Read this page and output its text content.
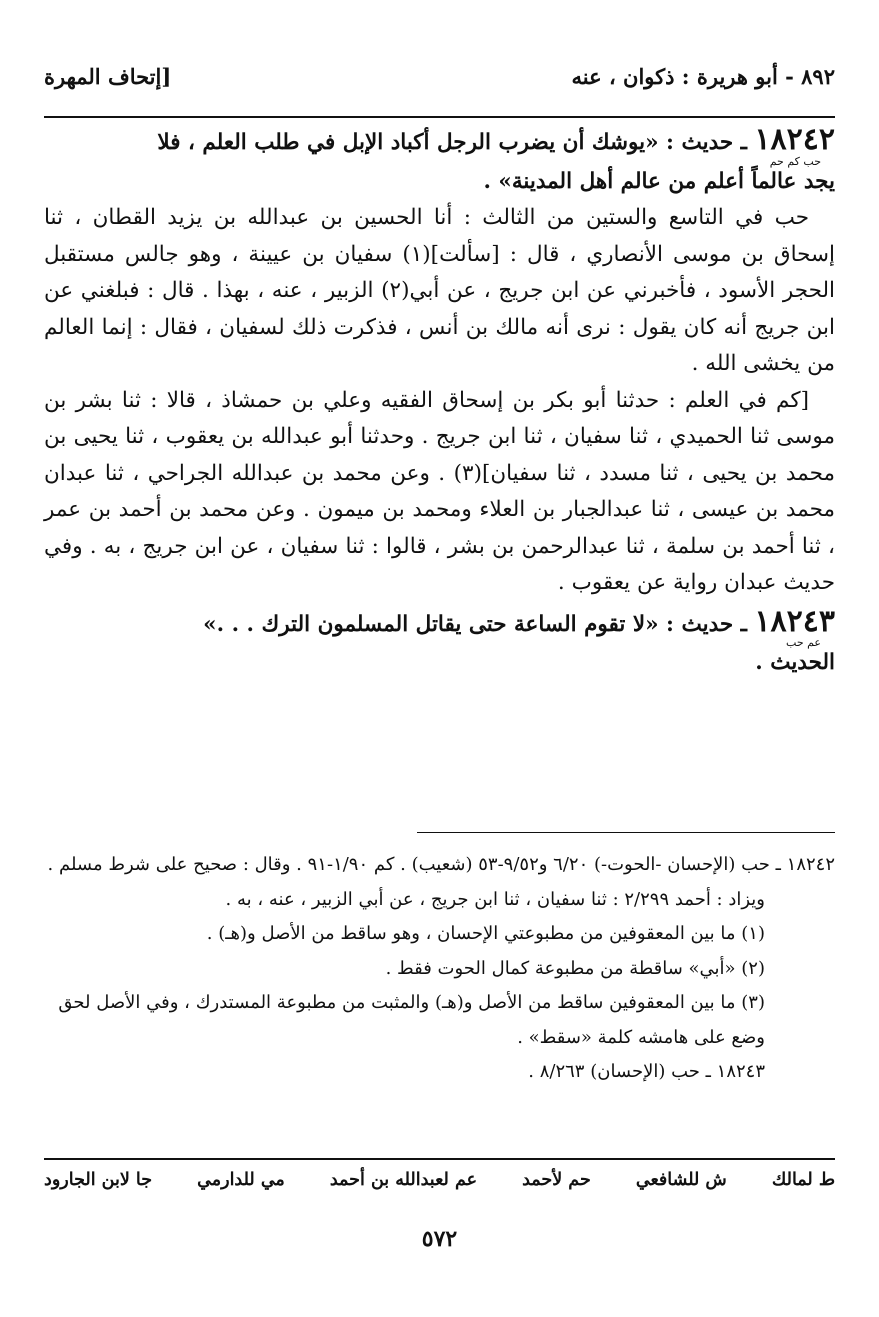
٨٩٢ - أبو هريرة : ذكوان ، عنه
[إتحاف المهرة

١٨٢٤٢ ـ حديث : «يوشك أن يضرب الرجل أكباد الإبل في طلب العلم ، فلا

حب كم حم

يجد عالماً أعلم من عالم أهل المدينة» .

حب في التاسع والستين من الثالث : أنا الحسين بن عبدالله بن يزيد القطان ، ثنا إسحاق بن موسى الأنصاري ، قال : [سألت](١) سفيان بن عيينة ، وهو جالس مستقبل الحجر الأسود ، فأخبرني عن ابن جريج ، عن أبي(٢) الزبير ، عنه ، بهذا . قال : فبلغني عن ابن جريج أنه كان يقول : نرى أنه مالك بن أنس ، فذكرت ذلك لسفيان ، فقال : إنما العالم من يخشى الله .

[كم في العلم : حدثنا أبو بكر بن إسحاق الفقيه وعلي بن حمشاذ ، قالا : ثنا بشر بن موسى ثنا الحميدي ، ثنا سفيان ، ثنا ابن جريج . وحدثنا أبو عبدالله بن يعقوب ، ثنا يحيى بن محمد بن يحيى ، ثنا مسدد ، ثنا سفيان](٣) . وعن محمد بن عبدالله الجراحي ، ثنا عبدان محمد بن عيسى ، ثنا عبدالجبار بن العلاء ومحمد بن ميمون . وعن محمد بن أحمد بن عمر ، ثنا أحمد بن سلمة ، ثنا عبدالرحمن بن بشر ، قالوا : ثنا سفيان ، عن ابن جريج ، به . وفي حديث عبدان رواية عن يعقوب .

١٨٢٤٣ ـ حديث : «لا تقوم الساعة حتى يقاتل المسلمون الترك . . .»

عم حب

الحديث .

١٨٢٤٢ ـ حب (الإحسان -الحوت-) ٦/٢٠ و٩/٥٢-٥٣ (شعيب) . كم ١/٩٠-٩١ . وقال : صحيح على شرط مسلم .

ويزاد : أحمد ٢/٢٩٩ : ثنا سفيان ، ثنا ابن جريج ، عن أبي الزبير ، عنه ، به .

(١) ما بين المعقوفين من مطبوعتي الإحسان ، وهو ساقط من الأصل و(هـ) .

(٢) «أبي» ساقطة من مطبوعة كمال الحوت فقط .

(٣) ما بين المعقوفين ساقط من الأصل و(هـ) والمثبت من مطبوعة المستدرك ، وفي الأصل لحق وضع على هامشه كلمة «سقط» .

١٨٢٤٣ ـ حب (الإحسان) ٨/٢٦٣ .

ط لمالك
ش للشافعي
حم لأحمد
عم لعبدالله بن أحمد
مي للدارمي
جا لابن الجارود
٥٧٢
